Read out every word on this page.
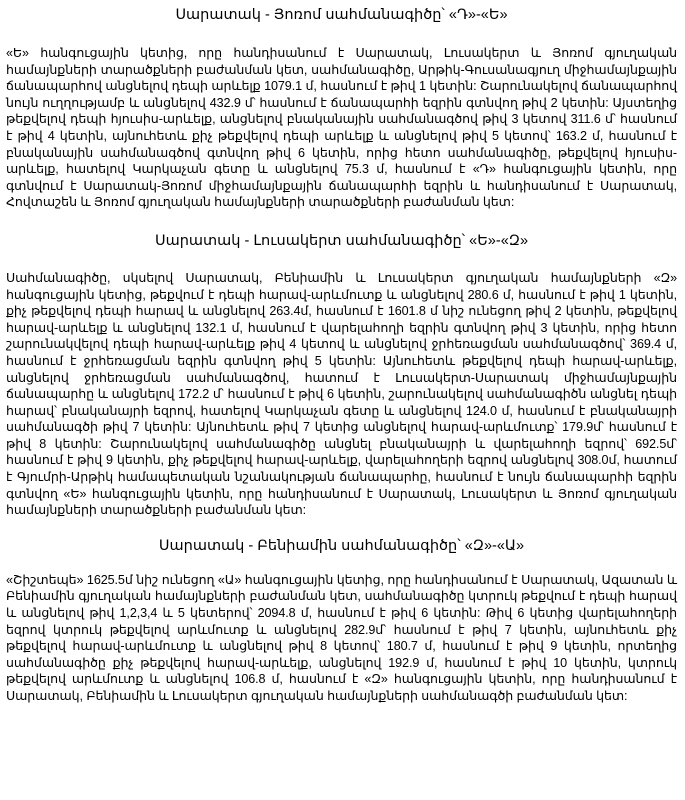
Սարատակ - Յոռոմ սահմանագիծը՝ «Դ»-«Ե»

«Ե» հանգուցային կետից, որը հանդիսանում է Սարատակ, Լուսակերտ և Յոռոմ գյուղական համայնքների տարածքների բաժանման կետ, սահմանագիծը, Արթիկ-Գուսանագյուղ միջհամայնքային ճանապարհով անցնելով դեպի արևելք 1079.1 մ, հասնում է թիվ 1 կետին: Շարունակելով ճանապարհով նույն ուղղությամբ և անցնելով 432.9 մ՝ հասնում է ճանապարհի եզրին գտնվող թիվ 2 կետին: Այստեղից թեքվելով դեպի հյուսիս-արևելք, անցնելով բնականային սահմանագծով թիվ 3 կետով 311.6 մ՝ հասնում է թիվ 4 կետին, այնուհետև քիչ թեքվելով դեպի արևելք և անցնելով թիվ 5 կետով՝ 163.2 մ, հասնում է բնականային սահմանագծով գտնվող թիվ 6 կետին, որից հետո սահմանագիծը, թեքվելով հյուսիս-արևելք, հատելով Կարկաչան գետը և անցնելով 75.3 մ, հասնում է «Դ» հանգուցային կետին, որը գտնվում է Սարատակ-Յոռոմ միջհամայնքային ճանապարհի եզրին և հանդիսանում է Սարատակ, Հովտաշեն և Յոռոմ գյուղական համայնքների տարածքների բաժանման կետ:

Սարատակ - Լուսակերտ սահմանագիծը՝ «Ե»-«Զ»

Սահմանագիծը, սկսելով Սարատակ, Բենիամին և Լուսակերտ գյուղական համայնքների «Զ» հանգուցային կետից, թեքվում է դեպի հարավ-արևմուտք և անցնելով 280.6 մ, հասնում է թիվ 1 կետին, քիչ թեքվելով դեպի հարավ և անցնելով 263.4մ, հասնում է 1601.8 մ նիշ ունեցող թիվ 2 կետին, թեքվելով հարավ-արևելք և անցնելով 132.1 մ, հասնում է վարելահողի եզրին գտնվող թիվ 3 կետին, որից հետո շարունակվելով դեպի հարավ-արևելք թիվ 4 կետով և անցնելով ջրհեռացման սահմանագծով՝ 369.4 մ, հասնում է ջրհեռացման եզրին գտնվող թիվ 5 կետին: Այնուհետև թեքվելով դեպի հարավ-արևելք, անցնելով ջրհեռացման սահմանագծով, հատում է Լուսակերտ-Սարատակ միջհամայնքային ճանապարհը և անցնելով 172.2 մ՝ հասնում է թիվ 6 կետին, շարունակելով սահմանագիծն անցնել դեպի հարավ՝ բնականայրի եզրով, հատելով Կարկաչան գետը և անցնելով 124.0 մ, հասնում է բնականայրի սահմանագծի թիվ 7 կետին: Այնուհետև թիվ 7 կետից անցնելով հարավ-արևմուտք՝ 179.9մ՝ հասնում է թիվ 8 կետին: Շարունակելով սահմանագիծը անցնել բնականայրի և վարելահողի եզրով՝ 692.5մ՝ հասնում է թիվ 9 կետին, քիչ թեքվելով հարավ-արևելք, վարելահողերի եզրով անցնելով 308.0մ, հատում է Գյումրի-Արթիկ համապետական նշանակության ճանապարհը, հասնում է նույն ճանապարհի եզրին գտնվող «Ե» հանգուցային կետին, որը հանդիսանում է Սարատակ, Լուսակերտ և Յոռոմ գյուղական համայնքների տարածքների բաժանման կետ:

Սարատակ - Բենիամին սահմանագիծը՝ «Զ»-«Ա»

«Շիշտեպե» 1625.5մ նիշ ունեցող «Ա» հանգուցային կետից, որը հանդիսանում է Սարատակ, Ազատան և Բենիամին գյուղական համայնքների բաժանման կետ, սահմանագիծը կտրուկ թեքվում է դեպի հարավ և անցնելով թիվ 1,2,3,4 և 5 կետերով՝ 2094.8 մ, հասնում է թիվ 6 կետին: Թիվ 6 կետից վարելահողերի եզրով կտրուկ թեքվելով արևմուտք և անցնելով 282.9մ՝ հասնում է թիվ 7 կետին, այնուհետև քիչ թեքվելով հարավ-արևմուտք և անցնելով թիվ 8 կետով՝ 180.7 մ, հասնում է թիվ 9 կետին, որտեղից սահմանագիծը քիչ թեքվելով հարավ-արևելք, անցնելով 192.9 մ, հասնում է թիվ 10 կետին, կտրուկ թեքվելով արևմուտք և անցնելով 106.8 մ, հասնում է «Զ» հանգուցային կետին, որը հանդիսանում է Սարատակ, Բենիամին և Լուսակերտ գյուղական համայնքների սահմանագծի բաժանման կետ:
